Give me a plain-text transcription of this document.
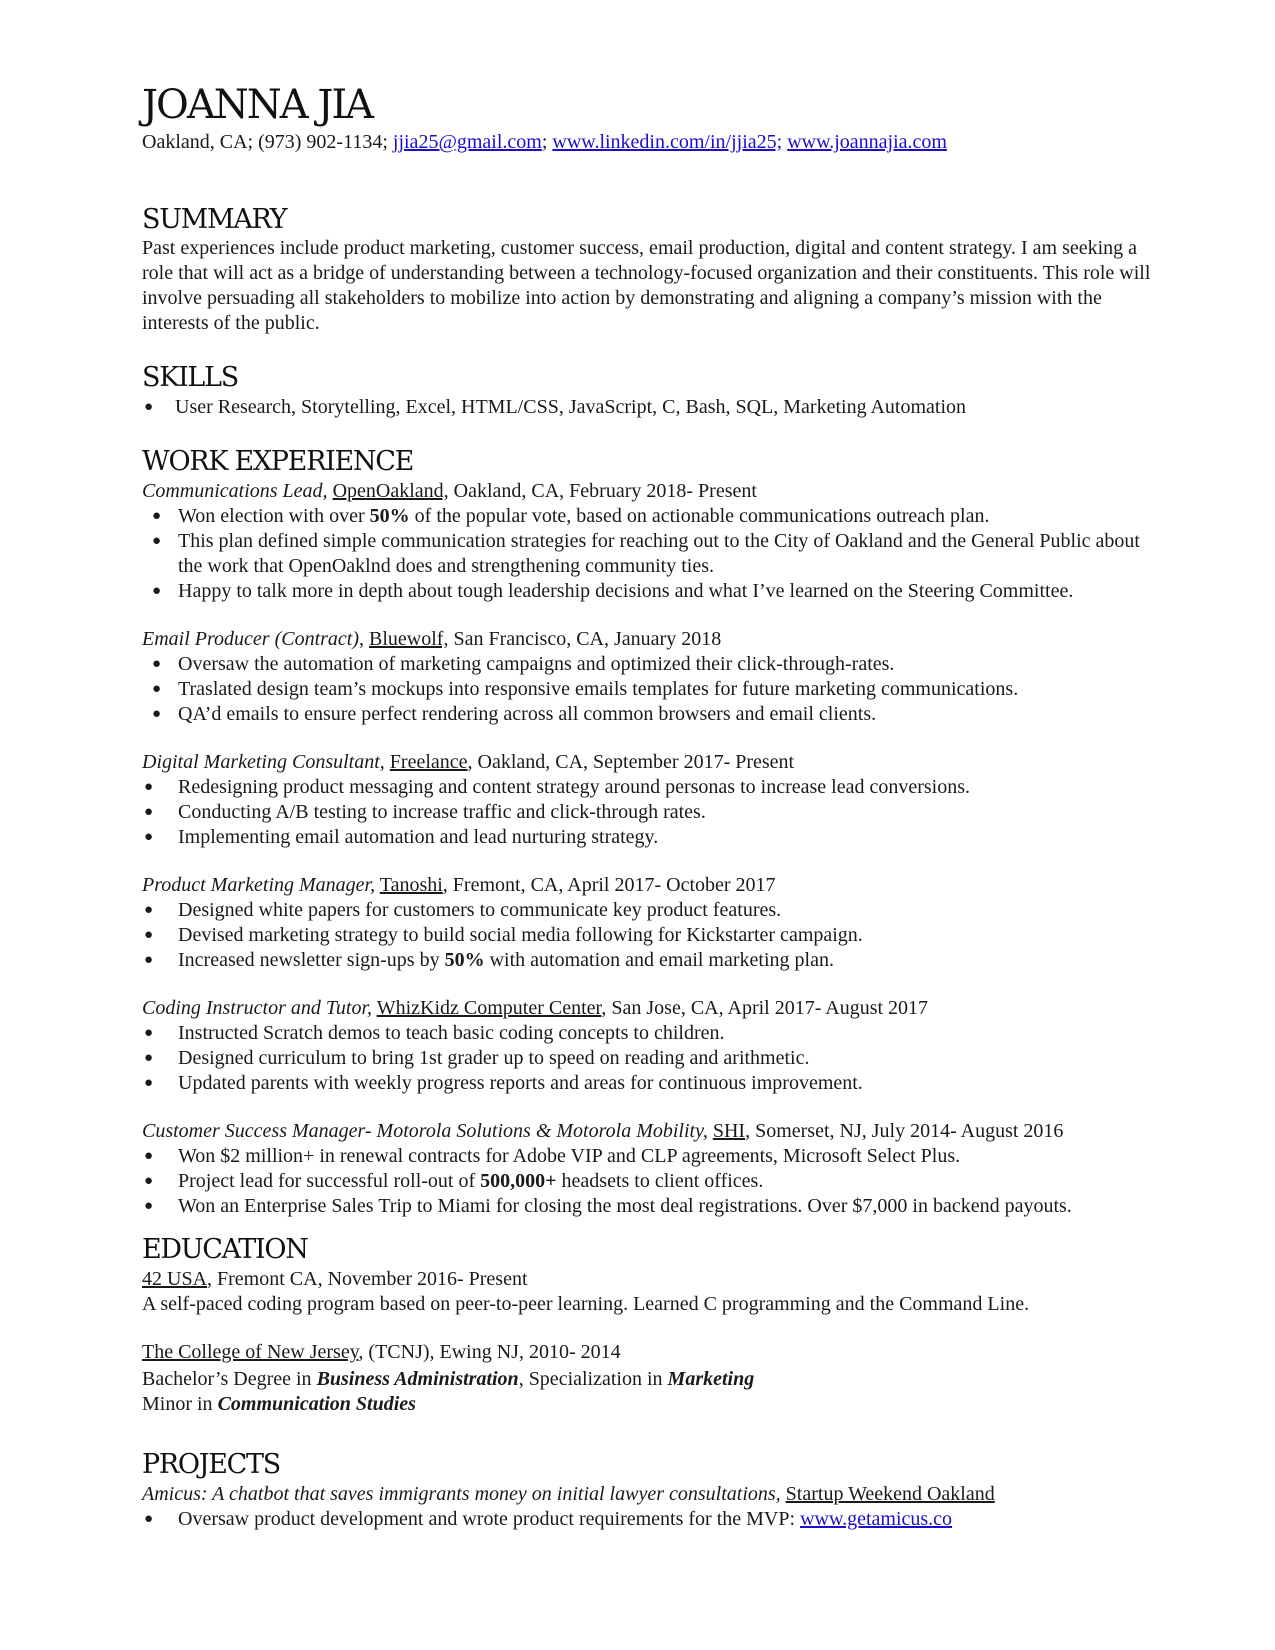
JOANNA JIA

Oakland, CA; (973) 902-1134; jjia25@gmail.com; www.linkedin.com/in/jjia25; www.joannajia.com

SUMMARY

Past experiences include product marketing, customer success, email production, digital and content strategy. I am seeking a role that will act as a bridge of understanding between a technology-focused organization and their constituents. This role will involve persuading all stakeholders to mobilize into action by demonstrating and aligning a company’s mission with the interests of the public.

SKILLS
● User Research, Storytelling, Excel, HTML/CSS, JavaScript, C, Bash, SQL, Marketing Automation
WORK EXPERIENCE

Communications Lead, OpenOakland, Oakland, CA, February 2018- Present

● Won election with over 50% of the popular vote, based on actionable communications outreach plan.
● This plan defined simple communication strategies for reaching out to the City of Oakland and the General Public about the work that OpenOaklnd does and strengthening community ties.
● Happy to talk more in depth about tough leadership decisions and what I’ve learned on the Steering Committee.

Email Producer (Contract), Bluewolf, San Francisco, CA, January 2018

● Oversaw the automation of marketing campaigns and optimized their click-through-rates.
● Traslated design team’s mockups into responsive emails templates for future marketing communications.
● QA’d emails to ensure perfect rendering across all common browsers and email clients.

Digital Marketing Consultant, Freelance, Oakland, CA, September 2017- Present

● Redesigning product messaging and content strategy around personas to increase lead conversions.
● Conducting A/B testing to increase traffic and click-through rates.
● Implementing email automation and lead nurturing strategy.

Product Marketing Manager, Tanoshi, Fremont, CA, April 2017- October 2017

● Designed white papers for customers to communicate key product features.
● Devised marketing strategy to build social media following for Kickstarter campaign.
● Increased newsletter sign-ups by 50% with automation and email marketing plan.

Coding Instructor and Tutor, WhizKidz Computer Center, San Jose, CA, April 2017- August 2017

● Instructed Scratch demos to teach basic coding concepts to children.
● Designed curriculum to bring 1st grader up to speed on reading and arithmetic.
● Updated parents with weekly progress reports and areas for continuous improvement.

Customer Success Manager- Motorola Solutions & Motorola Mobility, SHI, Somerset, NJ, July 2014- August 2016

● Won $2 million+ in renewal contracts for Adobe VIP and CLP agreements, Microsoft Select Plus.
● Project lead for successful roll-out of 500,000+ headsets to client offices.
● Won an Enterprise Sales Trip to Miami for closing the most deal registrations. Over $7,000 in backend payouts.
EDUCATION

42 USA, Fremont CA, November 2016- Present

A self-paced coding program based on peer-to-peer learning. Learned C programming and the Command Line.

The College of New Jersey, (TCNJ), Ewing NJ, 2010- 2014

Bachelor’s Degree in Business Administration, Specialization in Marketing

Minor in Communication Studies

PROJECTS

Amicus: A chatbot that saves immigrants money on initial lawyer consultations, Startup Weekend Oakland

● Oversaw product development and wrote product requirements for the MVP: www.getamicus.co
